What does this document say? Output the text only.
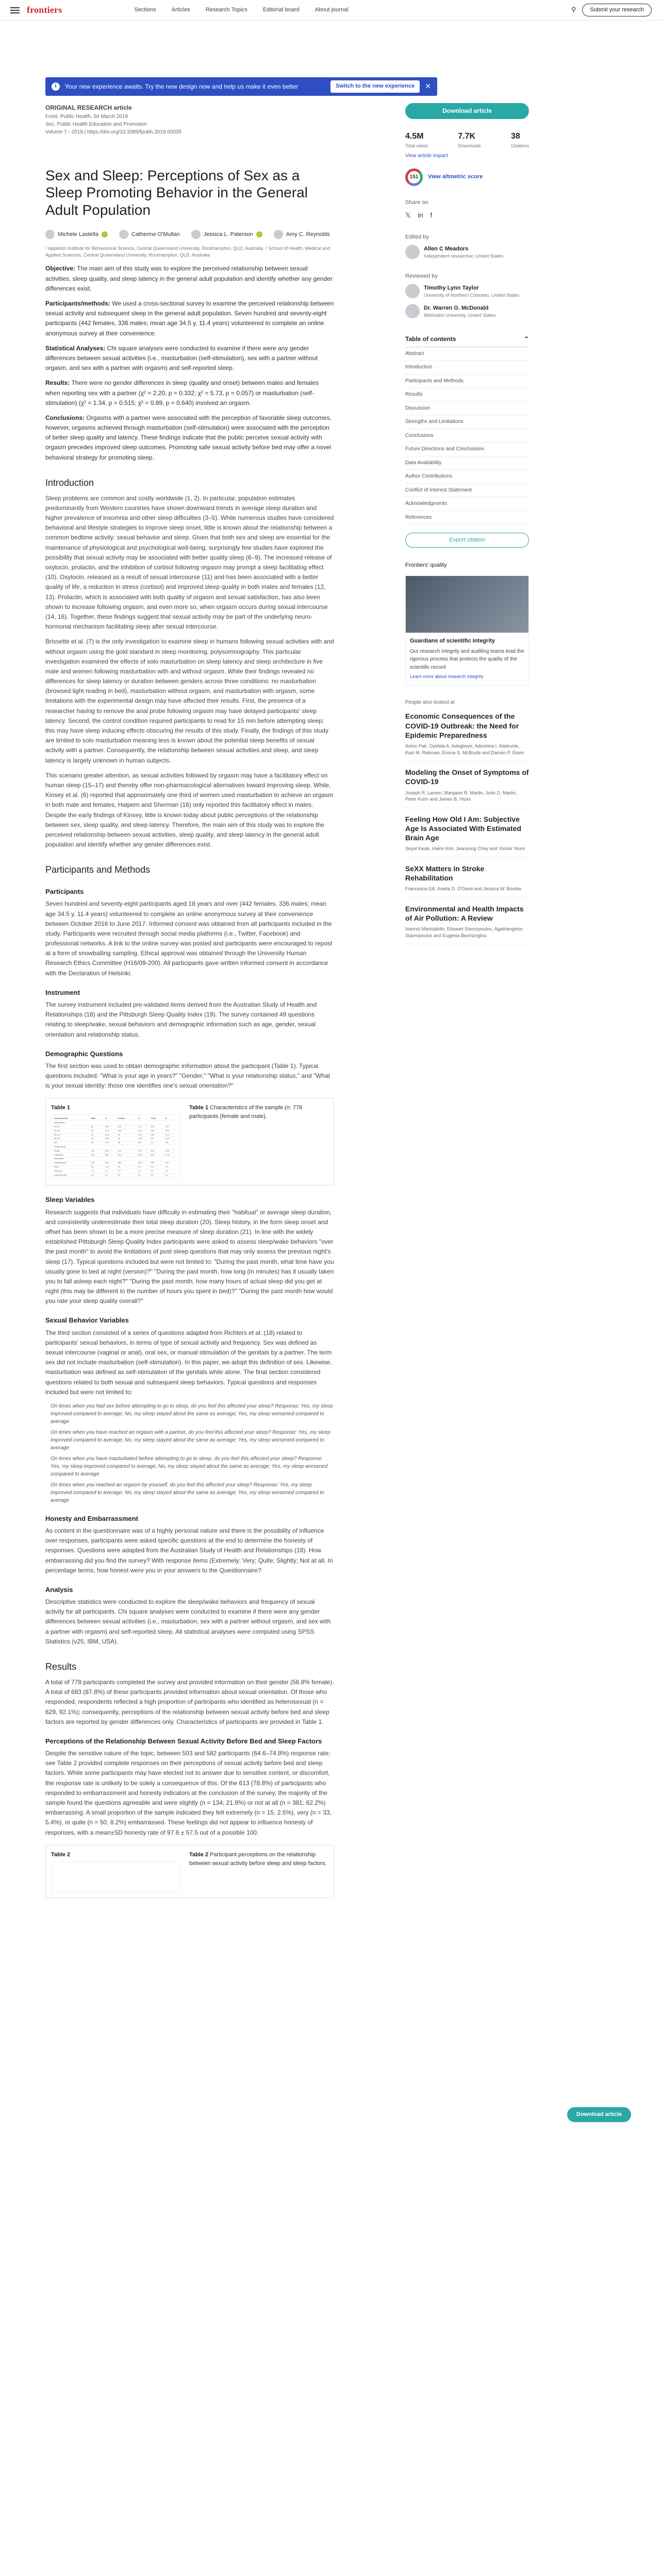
frontiers	Sections	Articles	Research Topics	Editorial board	About journal	⚲	Submit your research
i	Your new experience awaits. Try the new design now and help us make it even better	Switch to the new experience	✕
ORIGINAL RESEARCH article
Front. Public Health, 04 March 2019
Sec. Public Health Education and Promotion
Volume 7 - 2019 | https://doi.org/10.3389/fpubh.2019.00035
Sex and Sleep: Perceptions of Sex as a Sleep Promoting Behavior in the General Adult Population
Michele Lastella	Catherine O'Mullan	Jessica L. Paterson	Amy C. Reynolds
¹ Appleton Institute for Behavioural Science, Central Queensland University, Rockhampton, QLD, Australia. ² School of Health, Medical and Applied Sciences, Central Queensland University, Rockhampton, QLD, Australia

Objective: The main aim of this study was to explore the perceived relationship between sexual activities, sleep quality, and sleep latency in the general adult population and identify whether any gender differences exist.

Participants/methods: We used a cross-sectional survey to examine the perceived relationship between sexual activity and subsequent sleep in the general adult population. Seven hundred and seventy-eight participants (442 females, 336 males; mean age 34.5 y, 11.4 years) volunteered to complete an online anonymous survey at their convenience.

Statistical Analyses: Chi square analyses were conducted to examine if there were any gender differences between sexual activities (i.e., masturbation (self-stimulation), sex with a partner without orgasm, and sex with a partner with orgasm) and self-reported sleep.

Results: There were no gender differences in sleep (quality and onset) between males and females when reporting sex with a partner (χ² = 2.20, p = 0.332; χ² = 5.73, p = 0.057) or masturbation (self-stimulation) (χ² = 1.34, p = 0.515; χ² = 0.89, p = 0.640) involved an orgasm.

Conclusions: Orgasms with a partner were associated with the perception of favorable sleep outcomes, however, orgasms achieved through masturbation (self-stimulation) were associated with the perception of better sleep quality and latency. These findings indicate that the public perceive sexual activity with orgasm precedes improved sleep outcomes. Promoting safe sexual activity before bed may offer a novel behavioral strategy for promoting sleep.

Introduction

Sleep problems are common and costly worldwide (1, 2). In particular, population estimates predominantly from Western countries have shown downward trends in average sleep duration and higher prevalence of insomnia and other sleep difficulties (3–5). While numerous studies have considered behavioral and lifestyle strategies to improve sleep onset, little is known about the relationship between a common bedtime activity: sexual behavior and sleep. Given that both sex and sleep are essential for the maintenance of physiological and psychological well-being, surprisingly few studies have explored the possibility that sexual activity may be associated with better quality sleep (6–9). The increased release of oxytocin, prolactin, and the inhibition of cortisol following orgasm may prompt a sleep facilitating effect (10). Oxytocin, released as a result of sexual intercourse (11) and has been associated with a better quality of life, a reduction in stress (cortisol) and improved sleep quality in both males and females (12, 13). Prolactin, which is associated with both quality of orgasm and sexual satisfaction, has also been shown to increase following orgasm, and even more so, when orgasm occurs during sexual intercourse (14, 16). Together, these findings suggest that sexual activity may be part of the underlying neuro-hormonal mechanism facilitating sleep after sexual intercourse.

Brissette et al. (7) is the only investigation to examine sleep in humans following sexual activities with and without orgasm using the gold standard in sleep monitoring, polysomnography. This particular investigation examined the effects of solo masturbation on sleep latency and sleep architecture in five male and women following masturbation with and without orgasm. While their findings revealed no differences for sleep latency or duration between genders across three conditions: no masturbation (browsed light reading in bed), masturbation without orgasm, and masturbation with orgasm, some limitations with the experimental design may have affected their results. First, the presence of a researcher having to remove the anal probe following orgasm may have delayed participants' sleep latency. Second, the control condition required participants to read for 15 min before attempting sleep; this may have sleep inducing effects obscuring the results of this study. Finally, the findings of this study are limited to solo masturbation meaning less is known about the potential sleep benefits of sexual activity with a partner. Consequently, the relationship between sexual activities and sleep, and sleep latency is largely unknown in human subjects.

This scenario greater attention, as sexual activities followed by orgasm may have a facilitatory effect on human sleep (15–17) and thereby offer non-pharmacological alternatives toward improving sleep. While, Kinsey et al. (6) reported that approximately one third of women used masturbation to achieve an orgasm in both male and females, Halpern and Sherman (16) only reported this facilitatory effect in males. Despite the early findings of Kinsey, little is known today about public perceptions of the relationship between sex, sleep quality, and sleep latency. Therefore, the main aim of this study was to explore the perceived relationship between sexual activities, sleep quality, and sleep latency in the general adult population and identify whether any gender differences exist.

Participants and Methods
Participants

Seven hundred and seventy-eight participants aged 18 years and over (442 females, 336 males; mean age 34.5 y, 11.4 years) volunteered to complete an online anonymous survey at their convenience between October 2016 to June 2017. Informed consent was obtained from all participants included in the study. Participants were recruited through social media platforms (i.e., Twitter, Facebook) and professional networks. A link to the online survey was posted and participants were encouraged to repost at a form of snowballing sampling. Ethical approval was obtained through the University Human Research Ethics Committee (H16/09-200). All participants gave written informed consent in accordance with the Declaration of Helsinki.

Instrument

The survey instrument included pre-validated items derived from the Australian Study of Health and Relationships (18) and the Pittsburgh Sleep Quality Index (19). The survey contained 49 questions relating to sleep/wake, sexual behaviors and demographic information such as age, gender, sexual orientation and relationship status.

Demographic Questions

The first section was used to obtain demographic information about the participant (Table 1). Typical questions included: "What is your age in years?" "Gender," "What is your relationship status," and "What is your sexual identity: those one identifies one's sexual orientation?"

Table 1
Characteristic	Male	%	Female	%	Total	%
Age (years)						
18–24	84	25.0	120	27.1	204	26.2
25–34	92	27.4	128	29.0	220	28.3
35–44	70	20.8	95	21.5	165	21.2
45–54	52	15.5	61	13.8	113	14.5
55+	38	11.3	38	8.6	76	9.8
Relationship						
Single	112	33.3	141	31.9	253	32.5
Partnered	224	66.7	301	68.1	525	67.5
Orientation						
Heterosexual	276	89.0	353	94.6	629	92.1
Other	34	11.0	20	5.4	54	7.9
Sleep (h)	7.1	1.1	7.2	1.2	7.2	1.2
Latency (min)	18	14	21	16	20	15
Table 1 Characteristics of the sample (n: 778 participants (female and male).
Sleep Variables

Research suggests that individuals have difficulty in estimating their "habitual" or average sleep duration, and consistently underestimate their total sleep duration (20). Sleep history, in the form sleep onset and offset has been shown to be a more precise measure of sleep duration (21). In line with the widely established Pittsburgh Sleep Quality Index participants were asked to assess sleep/wake behaviors "over the past month" to avoid the limitations of post sleep questions that may only assess the previous night's sleep (17). Typical questions included but were not limited to: "During the past month, what time have you usually gone to bed at night (version)?" "During the past month, how long (in minutes) has it usually taken you to fall asleep each night?" "During the past month, how many hours of actual sleep did you get at night (this may be different to the number of hours you spent in bed)?" "During the past month how would you rate your sleep quality overall?"

Sexual Behavior Variables

The third section consisted of a series of questions adapted from Richters et al. (18) related to participants' sexual behaviors, in terms of type of sexual activity and frequency. Sex was defined as sexual intercourse (vaginal or anal), oral sex, or manual stimulation of the genitals by a partner. The term sex did not include masturbation (self-stimulation). In this paper, we adopt this definition of sex. Likewise, masturbation was defined as self-stimulation of the genitals while alone. The final section considered questions related to both sexual and subsequent sleep behaviors. Typical questions and responses included but were not limited to:

On times when you had sex before attempting to go to sleep, do you feel this affected your sleep? Response: Yes, my sleep improved compared to average; No, my sleep stayed about the same as average; Yes, my sleep worsened compared to average
On times when you have reached an orgasm with a partner, do you feel this affected your sleep? Response: Yes, my sleep improved compared to average; No, my sleep stayed about the same as average; Yes, my sleep worsened compared to average
On times when you have masturbated before attempting to go to sleep, do you feel this affected your sleep? Response: Yes, my sleep improved compared to average; No, my sleep stayed about the same as average; Yes, my sleep worsened compared to average
On times when you reached an orgasm by yourself, do you feel this affected your sleep? Response: Yes, my sleep improved compared to average; No, my sleep stayed about the same as average; Yes, my sleep worsened compared to average
Honesty and Embarrassment

As content in the questionnaire was of a highly personal nature and there is the possibility of influence over responses, participants were asked specific questions at the end to determine the honesty of responses. Questions were adapted from the Australian Study of Health and Relationships (18). How embarrassing did you find the survey? With response items (Extremely; Very; Quite; Slightly; Not at all. In percentage terms, how honest were you in your answers to the Questionnaire?

Analysis

Descriptive statistics were conducted to explore the sleep/wake behaviors and frequency of sexual activity for all participants. Chi square analyses were conducted to examine if there were any gender differences between sexual activities (i.e., masturbation, sex with a partner without orgasm, and sex with a partner with orgasm) and self-reported sleep. All statistical analyses were computed using SPSS Statistics (v25, IBM, USA).

Results

A total of 778 participants completed the survey and provided information on their gender (56.8% female). A total of 683 (87.8%) of these participants provided information about sexual orientation. Of those who responded, respondents reflected a high proportion of participants who identified as heterosexual (n = 629, 92.1%); consequently, perceptions of the relationship between sexual activity before bed and sleep factors are reported by gender differences only. Characteristics of participants are provided in Table 1.

Perceptions of the Relationship Between Sexual Activity Before Bed and Sleep Factors

Despite the sensitive nature of the topic, between 503 and 582 participants (64.6–74.8%) response rate; see Table 2 provided complete responses on their perceptions of sexual activity before bed and sleep factors. While some participants may have elected not to answer due to sensitive content, or discomfort, the response rate is unlikely to be solely a consequence of this. Of the 613 (78.8%) of participants who responded to embarrassment and honesty indicators at the conclusion of the survey, the majority of the sample found the questions agreeable and were slightly (n = 134; 21.9%) or not at all (n = 381; 62.2%) embarrassing. A small proportion of the sample indicated they felt extremely (n = 15, 2.5%), very (n = 33, 5.4%), or quite (n = 50, 8.2%) embarrassed. These feelings did not appear to influence honesty of responses, with a mean±SD honesty rate of 97.6 ± 57.5 out of a possible 100.

Table 2	Table 2 Participant perceptions on the relationship between sexual activity before sleep and sleep factors.
Download article
4.5M
Total views
7.7K
Downloads
38
Citations
View article impact
151	View altmetric score
Share on
𝕏 in f
Edited by
Allen C Meadors
Independent researcher, United States
Reviewed by
Timothy Lynn Taylor
University of Northern Colorado, United States
Dr. Warren G. McDonald
Methodist University, United States
Table of contents	⌃
Abstract
Introduction
Participants and Methods
Results
Discussion
Strengths and Limitations
Conclusions
Future Directions and Conclusions
Data Availability
Author Contributions
Conflict of Interest Statement
Acknowledgments
References
Export citation
Frontiers' quality
Guardians of scientific integrity
Our research integrity and auditing teams lead the rigorous process that protects the quality of the scientific record
Learn more about research integrity
People also looked at
Economic Consequences of the COVID-19 Outbreak: the Need for Epidemic Preparedness
Anton Pak, Oyelola A. Adegboye, Adeshina I. Adekunle, Kazi M. Rahman, Emma S. McBryde and Damon P. Eisen
Modeling the Onset of Symptoms of COVID-19
Joseph R. Larsen, Margaret R. Martin, John D. Martin, Peter Kuhn and James B. Hicks
Feeling How Old I Am: Subjective Age Is Associated With Estimated Brain Age
Seyul Kwak, Hairin Kim, Jeanyung Chey and Yoosik Youm
SeXX Matters in Stroke Rehabilitation
Francesca Gill, Aniela D. O'Dano and Jessica W. Bourke
Environmental and Health Impacts of Air Pollution: A Review
Ioannis Manisalidis, Elisavet Stavropoulou, Agathangelos Stavropoulos and Eugenia Bezirtzoglou
Download article
